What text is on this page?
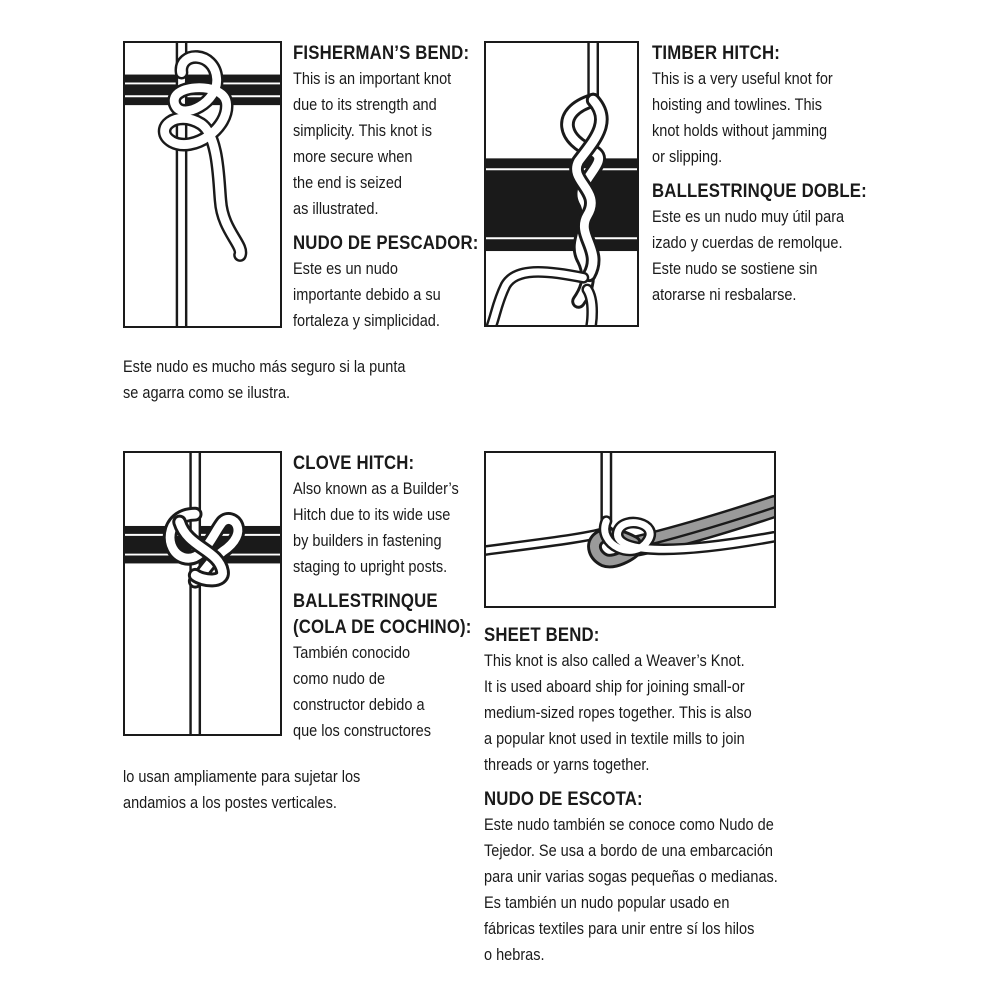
FISHERMAN’S BEND:
This is an important knot
due to its strength and
simplicity. This knot is
more secure when
the end is seized
as illustrated.
NUDO DE PESCADOR:
Este es un nudo
importante debido a su
fortaleza y simplicidad.
Este nudo es mucho más seguro si la punta
se agarra como se ilustra.
TIMBER HITCH:
This is a very useful knot for
hoisting and towlines. This
knot holds without jamming
or slipping.
BALLESTRINQUE DOBLE:
Este es un nudo muy útil para
izado y cuerdas de remolque.
Este nudo se sostiene sin
atorarse ni resbalarse.
CLOVE HITCH:
Also known as a Builder’s
Hitch due to its wide use
by builders in fastening
staging to upright posts.
BALLESTRINQUE
(COLA DE COCHINO):
También conocido
como nudo de
constructor debido a
que los constructores
lo usan ampliamente para sujetar los
andamios a los postes verticales.
SHEET BEND:
This knot is also called a Weaver’s Knot.
It is used aboard ship for joining small-or
medium-sized ropes together. This is also
a popular knot used in textile mills to join
threads or yarns together.
NUDO DE ESCOTA:
Este nudo también se conoce como Nudo de
Tejedor. Se usa a bordo de una embarcación
para unir varias sogas pequeñas o medianas.
Es también un nudo popular usado en
fábricas textiles para unir entre sí los hilos
o hebras.
